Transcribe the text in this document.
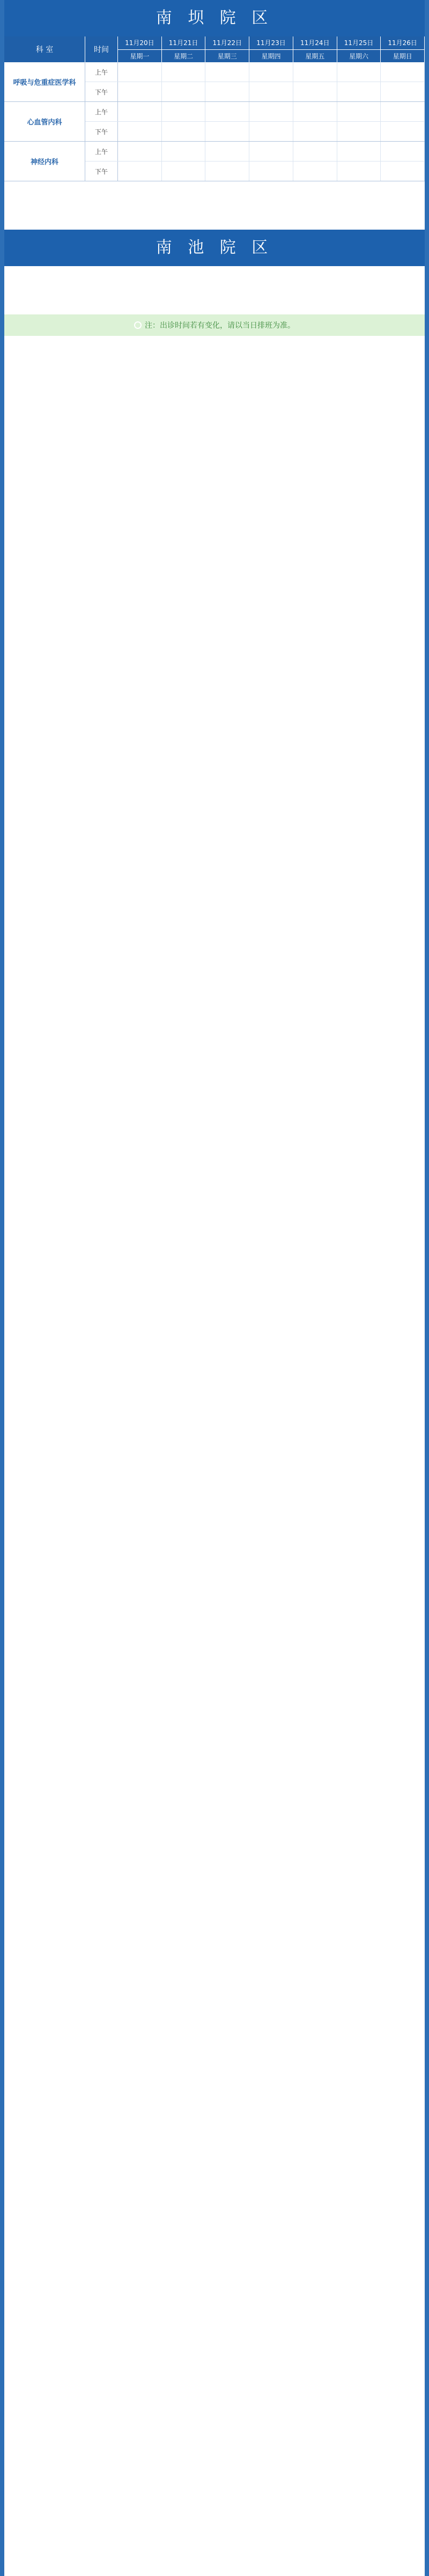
南 坝 院 区
科 室	时间
11月20日
星期一
11月21日
星期二
11月22日
星期三
11月23日
星期四
11月24日
星期五
11月25日
星期六
11月26日
星期日
呼吸与危重症医学科
上午
下午
心血管内科
上午
下午
神经内科
上午
下午
南 池 院 区
注：出诊时间若有变化，请以当日排班为准。
